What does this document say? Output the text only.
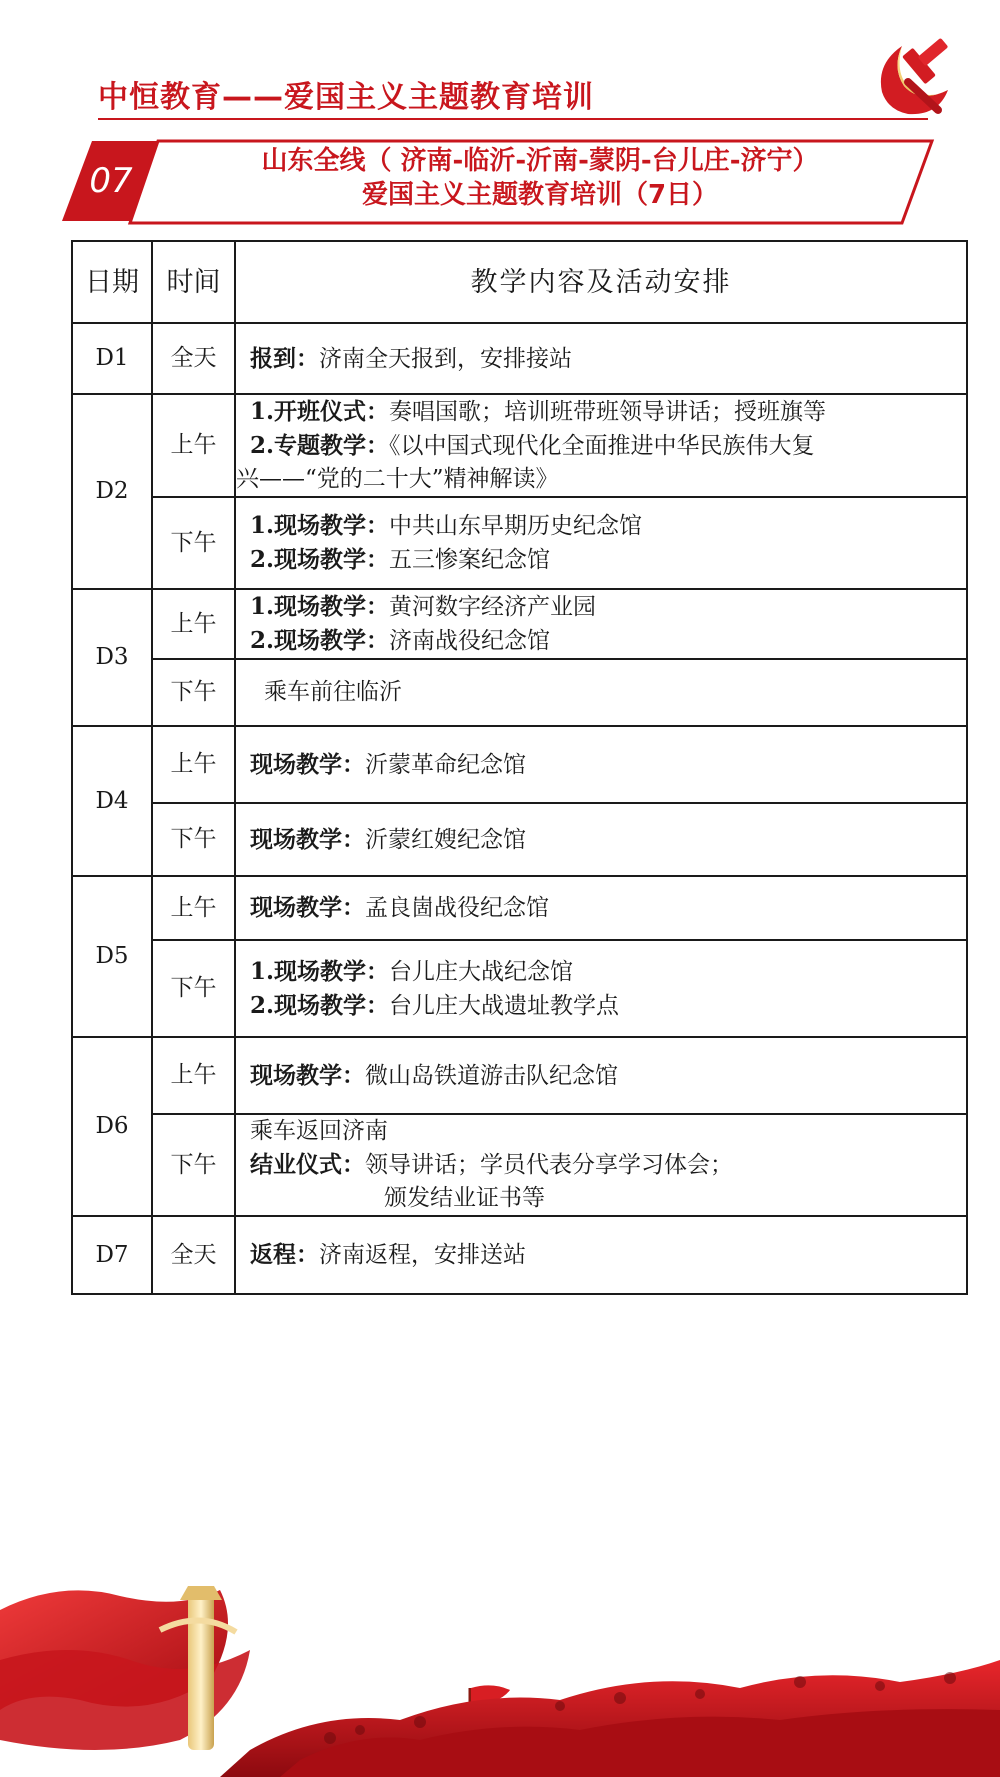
中恒教育——爱国主义主题教育培训
07	山东全线（ 济南-临沂-沂南-蒙阴-台儿庄-济宁）
爱国主义主题教育培训（7日）
日期	时间	教学内容及活动安排
D1	全天	报到：济南全天报到，安排接站

D2	上午	1.开班仪式：奏唱国歌；培训班带班领导讲话；授班旗等
2.专题教学：《以中国式现代化全面推进中华民族伟大复
兴——“党的二十大”精神解读》

	下午	1.现场教学：中共山东早期历史纪念馆
2.现场教学：五三惨案纪念馆

D3	上午	1.现场教学：黄河数字经济产业园
2.现场教学：济南战役纪念馆

	下午	乘车前往临沂

D4	上午	现场教学：沂蒙革命纪念馆

	下午	现场教学：沂蒙红嫂纪念馆

D5	上午	现场教学：孟良崮战役纪念馆

	下午	1.现场教学：台儿庄大战纪念馆
2.现场教学：台儿庄大战遗址教学点

D6	上午	现场教学：微山岛铁道游击队纪念馆

	下午	乘车返回济南
结业仪式：领导讲话；学员代表分享学习体会；
颁发结业证书等

D7	全天	返程：济南返程，安排送站
